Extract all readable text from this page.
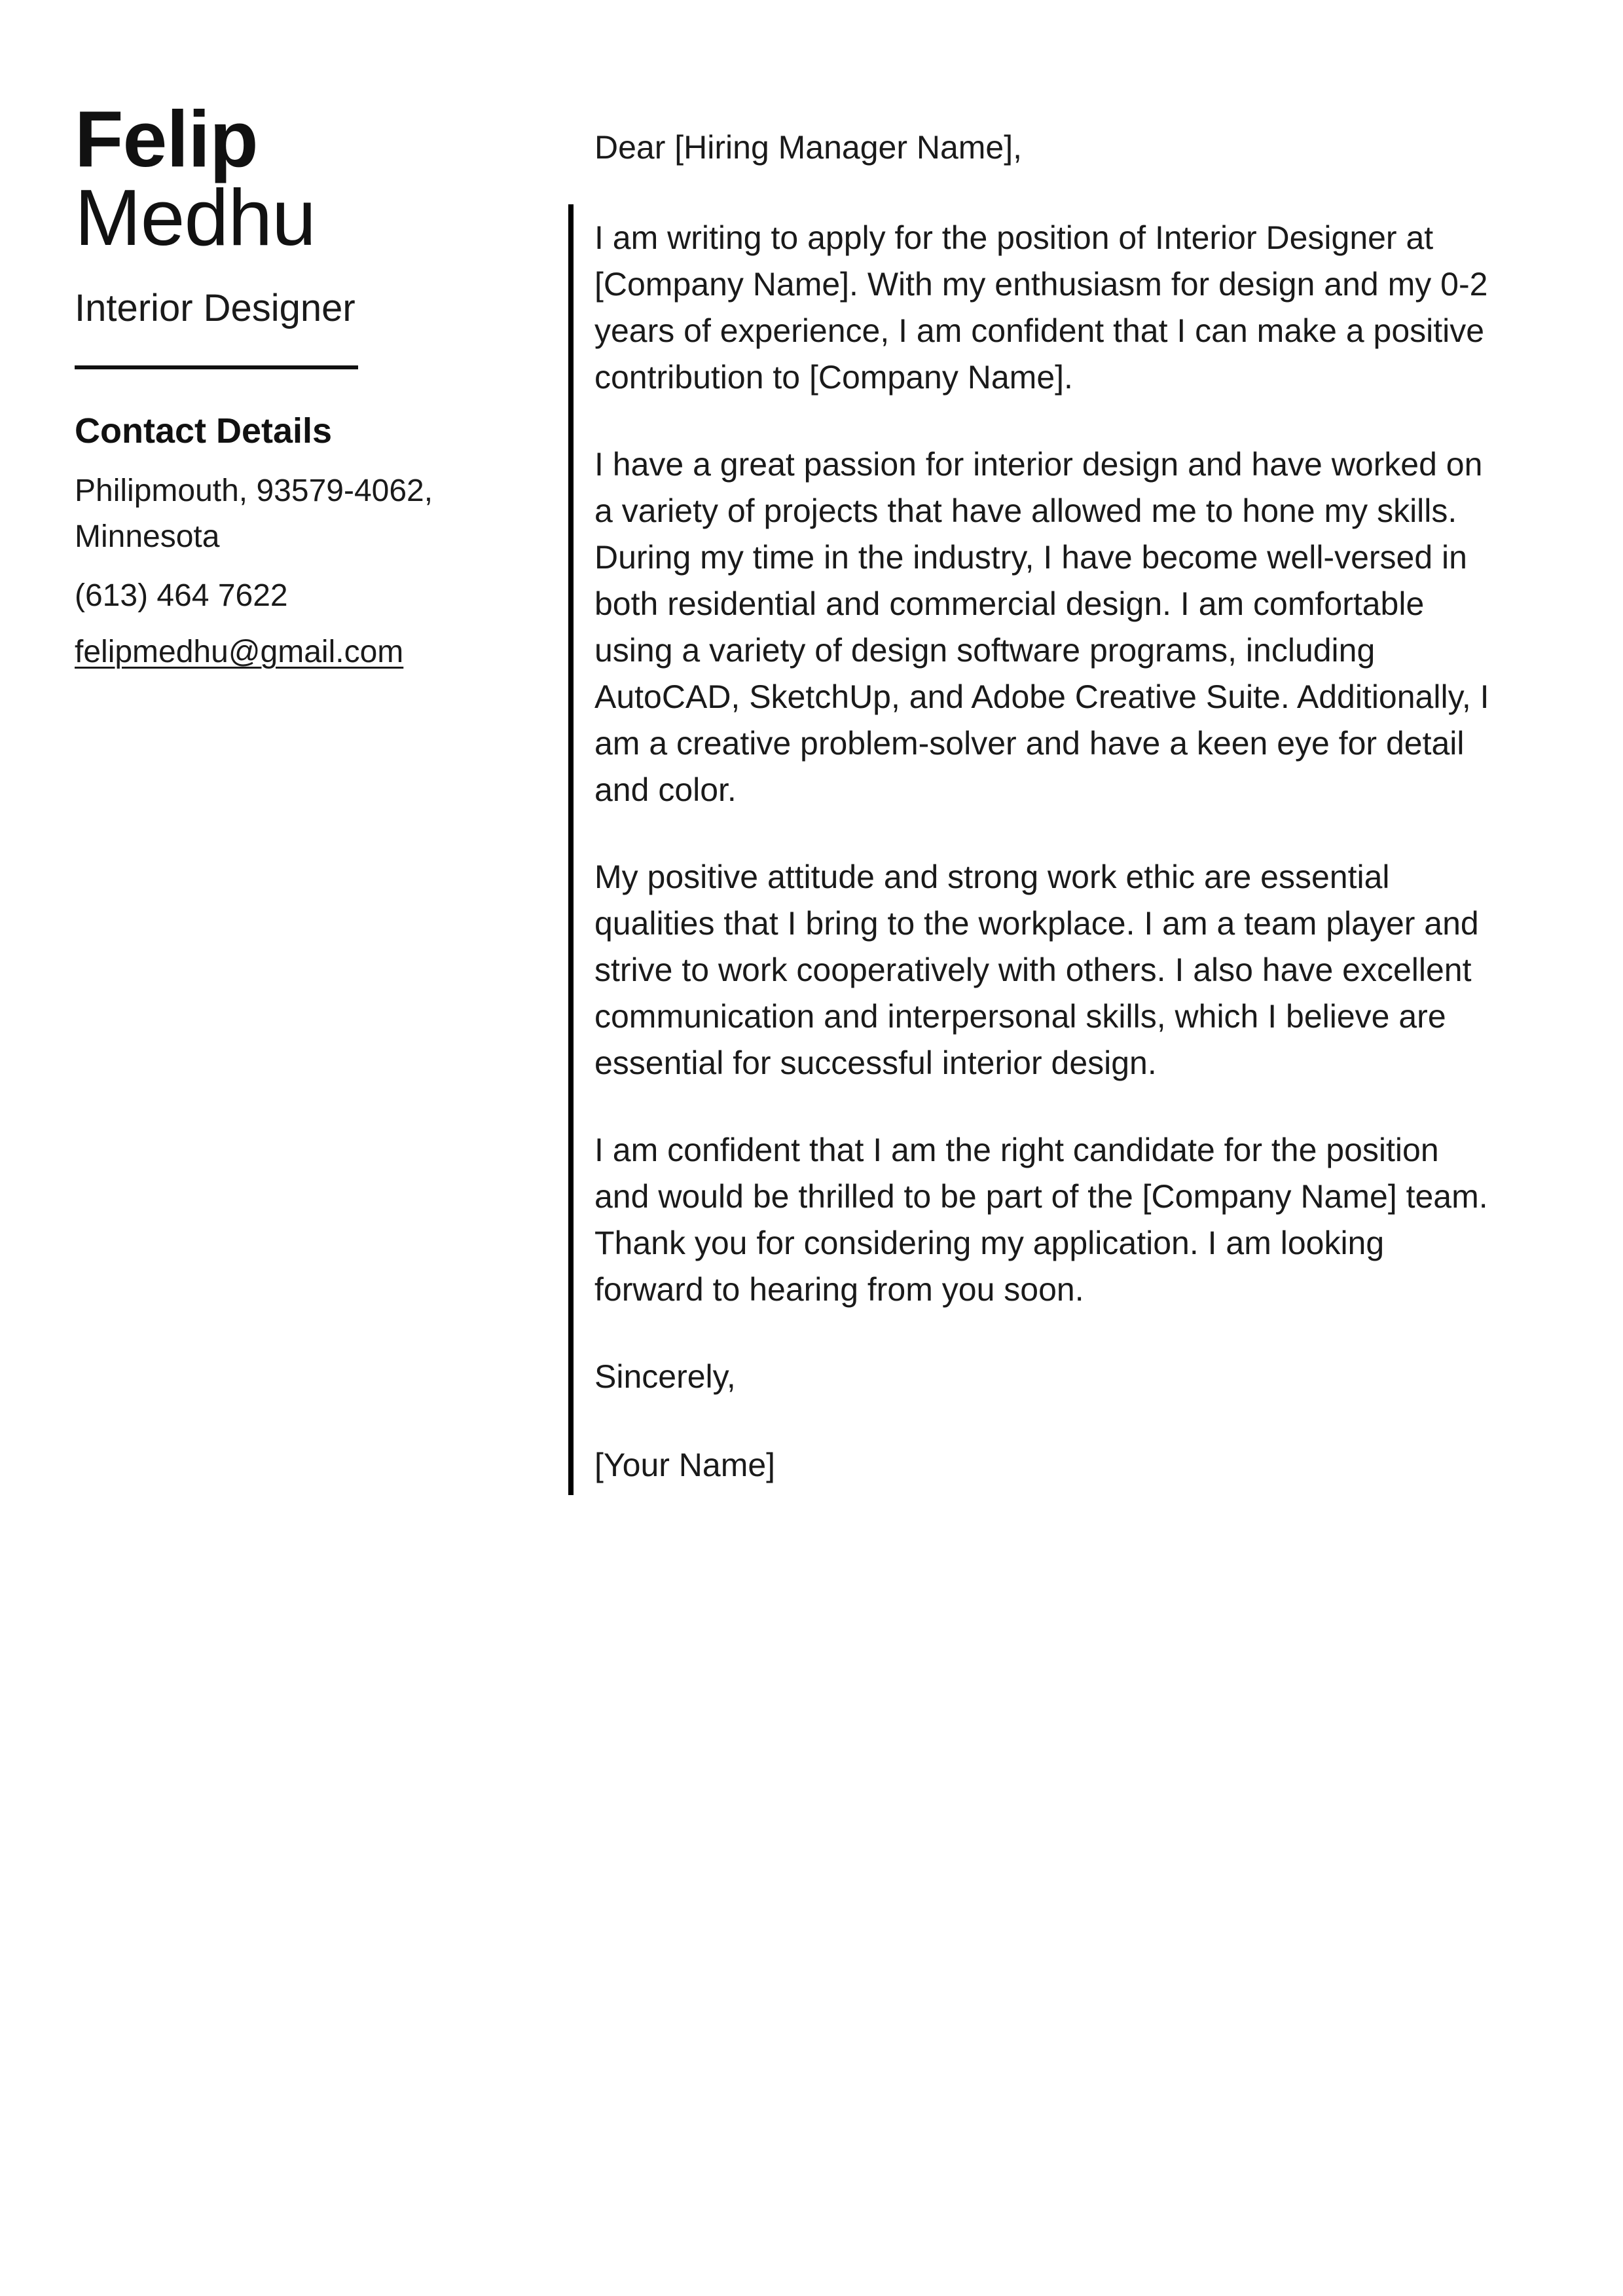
Felip
Medhu
Interior Designer
Contact Details
Philipmouth, 93579-4062,
Minnesota
(613) 464 7622
felipmedhu@gmail.com
Dear [Hiring Manager Name],
I am writing to apply for the position of Interior Designer at
[Company Name]. With my enthusiasm for design and my 0-2
years of experience, I am confident that I can make a positive
contribution to [Company Name].
I have a great passion for interior design and have worked on
a variety of projects that have allowed me to hone my skills.
During my time in the industry, I have become well-versed in
both residential and commercial design. I am comfortable
using a variety of design software programs, including
AutoCAD, SketchUp, and Adobe Creative Suite. Additionally, I
am a creative problem-solver and have a keen eye for detail
and color.
My positive attitude and strong work ethic are essential
qualities that I bring to the workplace. I am a team player and
strive to work cooperatively with others. I also have excellent
communication and interpersonal skills, which I believe are
essential for successful interior design.
I am confident that I am the right candidate for the position
and would be thrilled to be part of the [Company Name] team.
Thank you for considering my application. I am looking
forward to hearing from you soon.
Sincerely,
[Your Name]
